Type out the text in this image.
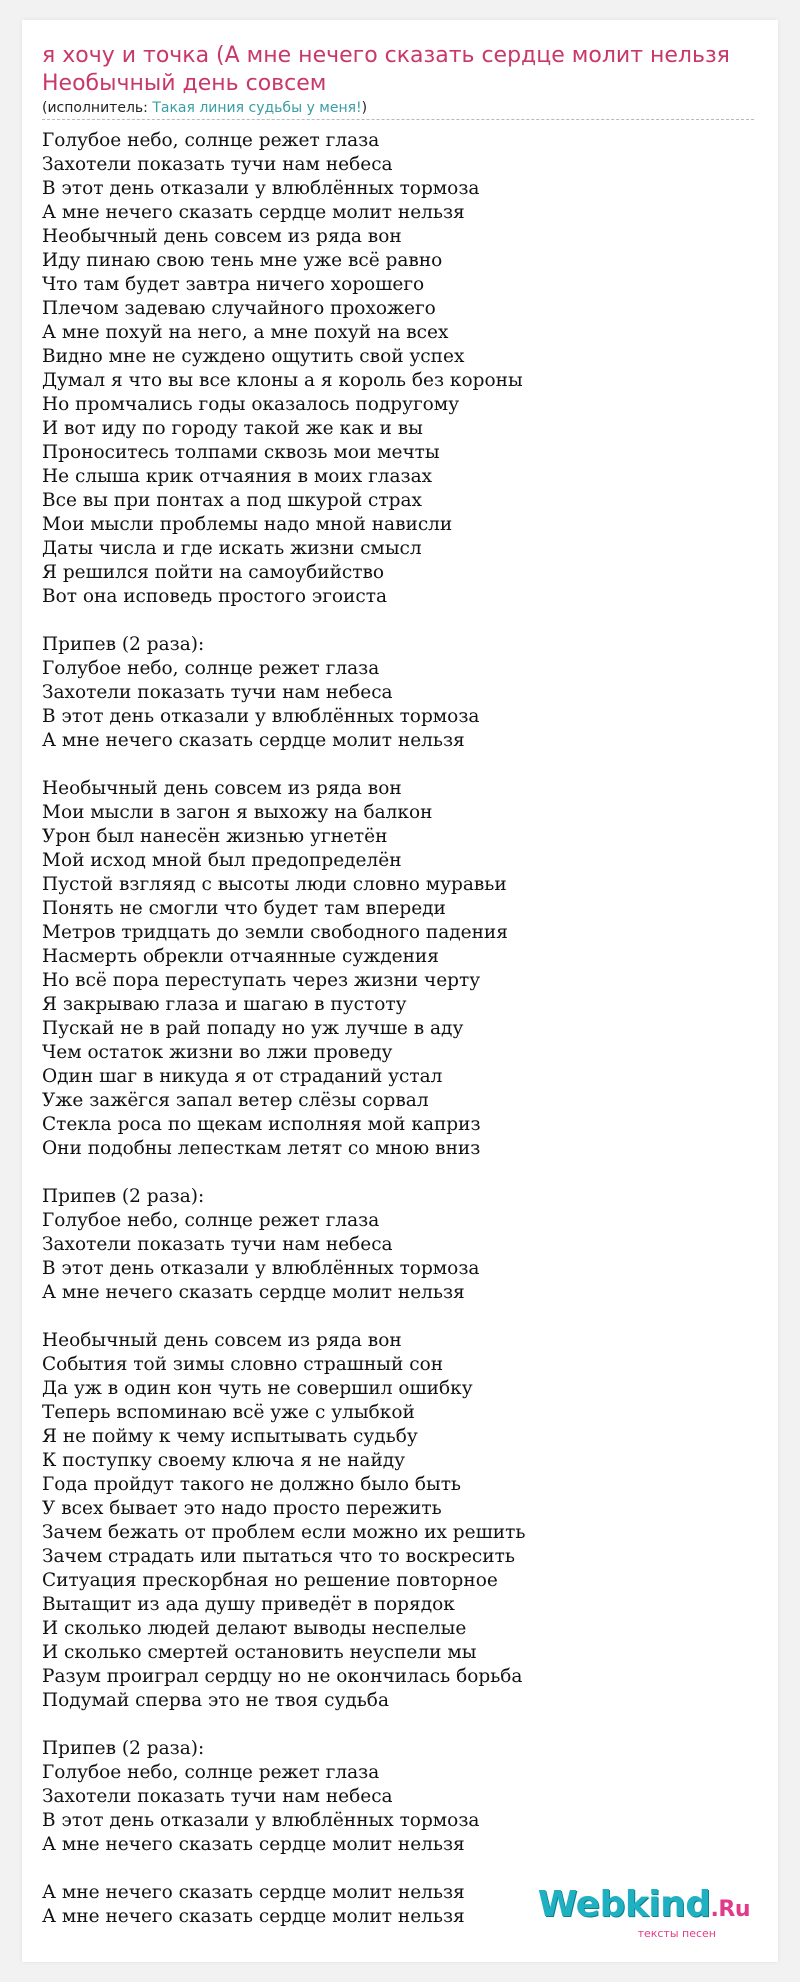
я хочу и точка (А мне нечего сказать сердце молит нельзя Необычный день совсем
(исполнитель: Такая линия судьбы у меня!)
Голубое небо, солнце режет глаза
Захотели показать тучи нам небеса
В этот день отказали у влюблённых тормоза
А мне нечего сказать сердце молит нельзя
Необычный день совсем из ряда вон
Иду пинаю свою тень мне уже всё равно
Что там будет завтра ничего хорошего
Плечом задеваю случайного прохожего
А мне похуй на него, а мне похуй на всех
Видно мне не суждено ощутить свой успех
Думал я что вы все клоны а я король без короны
Но промчались годы оказалось подругому
И вот иду по городу такой же как и вы
Проноситесь толпами сквозь мои мечты
Не слыша крик отчаяния в моих глазах
Все вы при понтах а под шкурой страх
Мои мысли проблемы надо мной нависли
Даты числа и где искать жизни смысл
Я решился пойти на самоубийство
Вот она исповедь простого эгоиста

Припев (2 раза):
Голубое небо, солнце режет глаза
Захотели показать тучи нам небеса
В этот день отказали у влюблённых тормоза
А мне нечего сказать сердце молит нельзя

Необычный день совсем из ряда вон
Мои мысли в загон я выхожу на балкон
Урон был нанесён жизнью угнетён
Мой исход мной был предопределён
Пустой взгляяд с высоты люди словно муравьи
Понять не смогли что будет там впереди
Метров тридцать до земли свободного падения
Насмерть обрекли отчаянные суждения
Но всё пора переступать через жизни черту
Я закрываю глаза и шагаю в пустоту
Пускай не в рай попаду но уж лучше в аду
Чем остаток жизни во лжи проведу
Один шаг в никуда я от страданий устал
Уже зажёгся запал ветер слёзы сорвал
Стекла роса по щекам исполняя мой каприз
Они подобны лепесткам летят со мною вниз

Припев (2 раза):
Голубое небо, солнце режет глаза
Захотели показать тучи нам небеса
В этот день отказали у влюблённых тормоза
А мне нечего сказать сердце молит нельзя

Необычный день совсем из ряда вон
События той зимы словно страшный сон
Да уж в один кон чуть не совершил ошибку
Теперь вспоминаю всё уже с улыбкой
Я не пойму к чему испытывать судьбу
К поступку своему ключа я не найду
Года пройдут такого не должно было быть
У всех бывает это надо просто пережить
Зачем бежать от проблем если можно их решить
Зачем страдать или пытаться что то воскресить
Ситуация прескорбная но решение повторное
Вытащит из ада душу приведёт в порядок
И сколько людей делают выводы неспелые
И сколько смертей остановить неуспели мы
Разум проиграл сердцу но не окончилась борьба
Подумай сперва это не твоя судьба

Припев (2 раза):
Голубое небо, солнце режет глаза
Захотели показать тучи нам небеса
В этот день отказали у влюблённых тормоза
А мне нечего сказать сердце молит нельзя

А мне нечего сказать сердце молит нельзя
А мне нечего сказать сердце молит нельзя	Webkind.Ru
тексты песен
